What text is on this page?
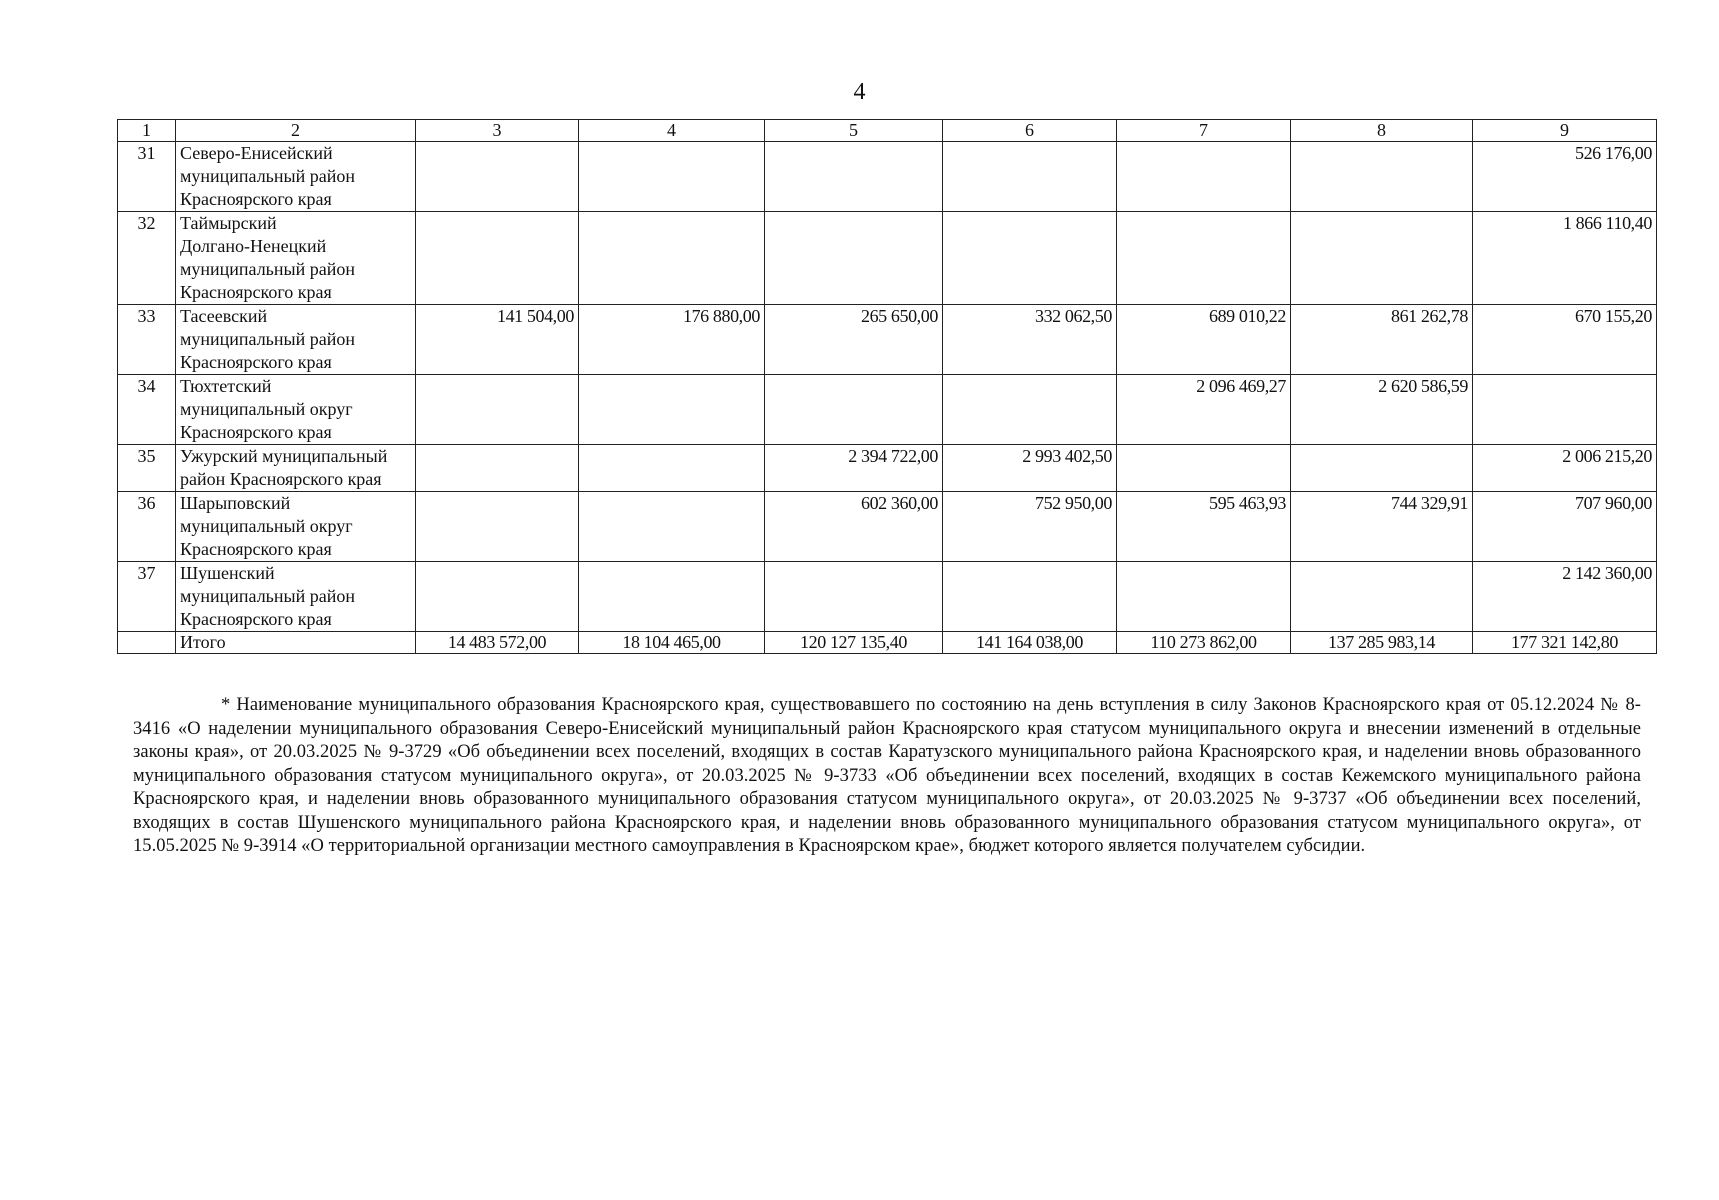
4
1	2	3	4	5	6	7	8	9
31	Северо-Енисейский
муниципальный район
Красноярского края							526 176,00
32	Таймырский
Долгано-Ненецкий
муниципальный район
Красноярского края							1 866 110,40
33	Тасеевский
муниципальный район
Красноярского края	141 504,00	176 880,00	265 650,00	332 062,50	689 010,22	861 262,78	670 155,20
34	Тюхтетский
муниципальный округ
Красноярского края					2 096 469,27	2 620 586,59	
35	Ужурский муниципальный
район Красноярского края			2 394 722,00	2 993 402,50			2 006 215,20
36	Шарыповский
муниципальный округ
Красноярского края			602 360,00	752 950,00	595 463,93	744 329,91	707 960,00
37	Шушенский
муниципальный район
Красноярского края							2 142 360,00
	Итого	14 483 572,00	18 104 465,00	120 127 135,40	141 164 038,00	110 273 862,00	137 285 983,14	177 321 142,80
* Наименование муниципального образования Красноярского края, существовавшего по состоянию на день вступления в силу Законов Красноярского края от 05.12.2024 № 8-3416 «О наделении муниципального образования Северо-Енисейский муниципальный район Красноярского края статусом муниципального округа и внесении изменений в отдельные законы края», от 20.03.2025 № 9-3729 «Об объединении всех поселений, входящих в состав Каратузского муниципального района Красноярского края, и наделении вновь образованного муниципального образования статусом муниципального округа», от 20.03.2025 № 9-3733 «Об объединении всех поселений, входящих в состав Кежемского муниципального района Красноярского края, и наделении вновь образованного муниципального образования статусом муниципального округа», от 20.03.2025 № 9-3737 «Об объединении всех поселений, входящих в состав Шушенского муниципального района Красноярского края, и наделении вновь образованного муниципального образования статусом муниципального округа», от 15.05.2025 № 9-3914 «О территориальной организации местного самоуправления в Красноярском крае», бюджет которого является получателем субсидии.
